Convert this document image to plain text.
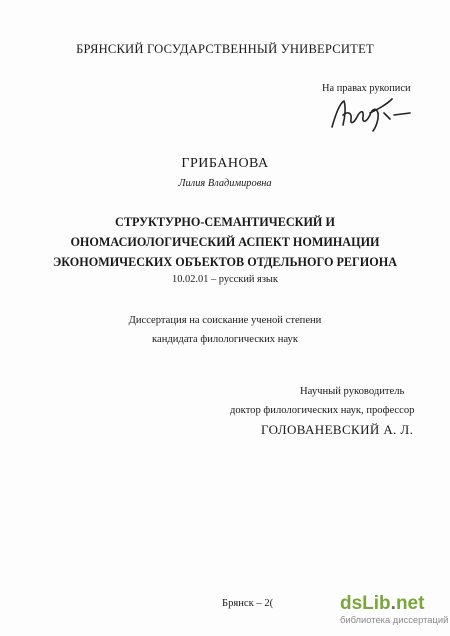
БРЯНСКИЙ ГОСУДАРСТВЕННЫЙ УНИВЕРСИТЕТ
На правах рукописи
ГРИБАНОВА
Лилия Владимировна
СТРУКТУРНО-СЕМАНТИЧЕСКИЙ И
ОНОМАСИОЛОГИЧЕСКИЙ АСПЕКТ НОМИНАЦИИ
ЭКОНОМИЧЕСКИХ ОБЪЕКТОВ ОТДЕЛЬНОГО РЕГИОНА
10.02.01 – русский язык
Диссертация на соискание ученой степени
кандидата филологических наук
Научный руководитель
доктор филологических наук, профессор
ГОЛОВАНЕВСКИЙ А. Л.
Брянск – 2(	dsLib.net
библиотека диссертаций
